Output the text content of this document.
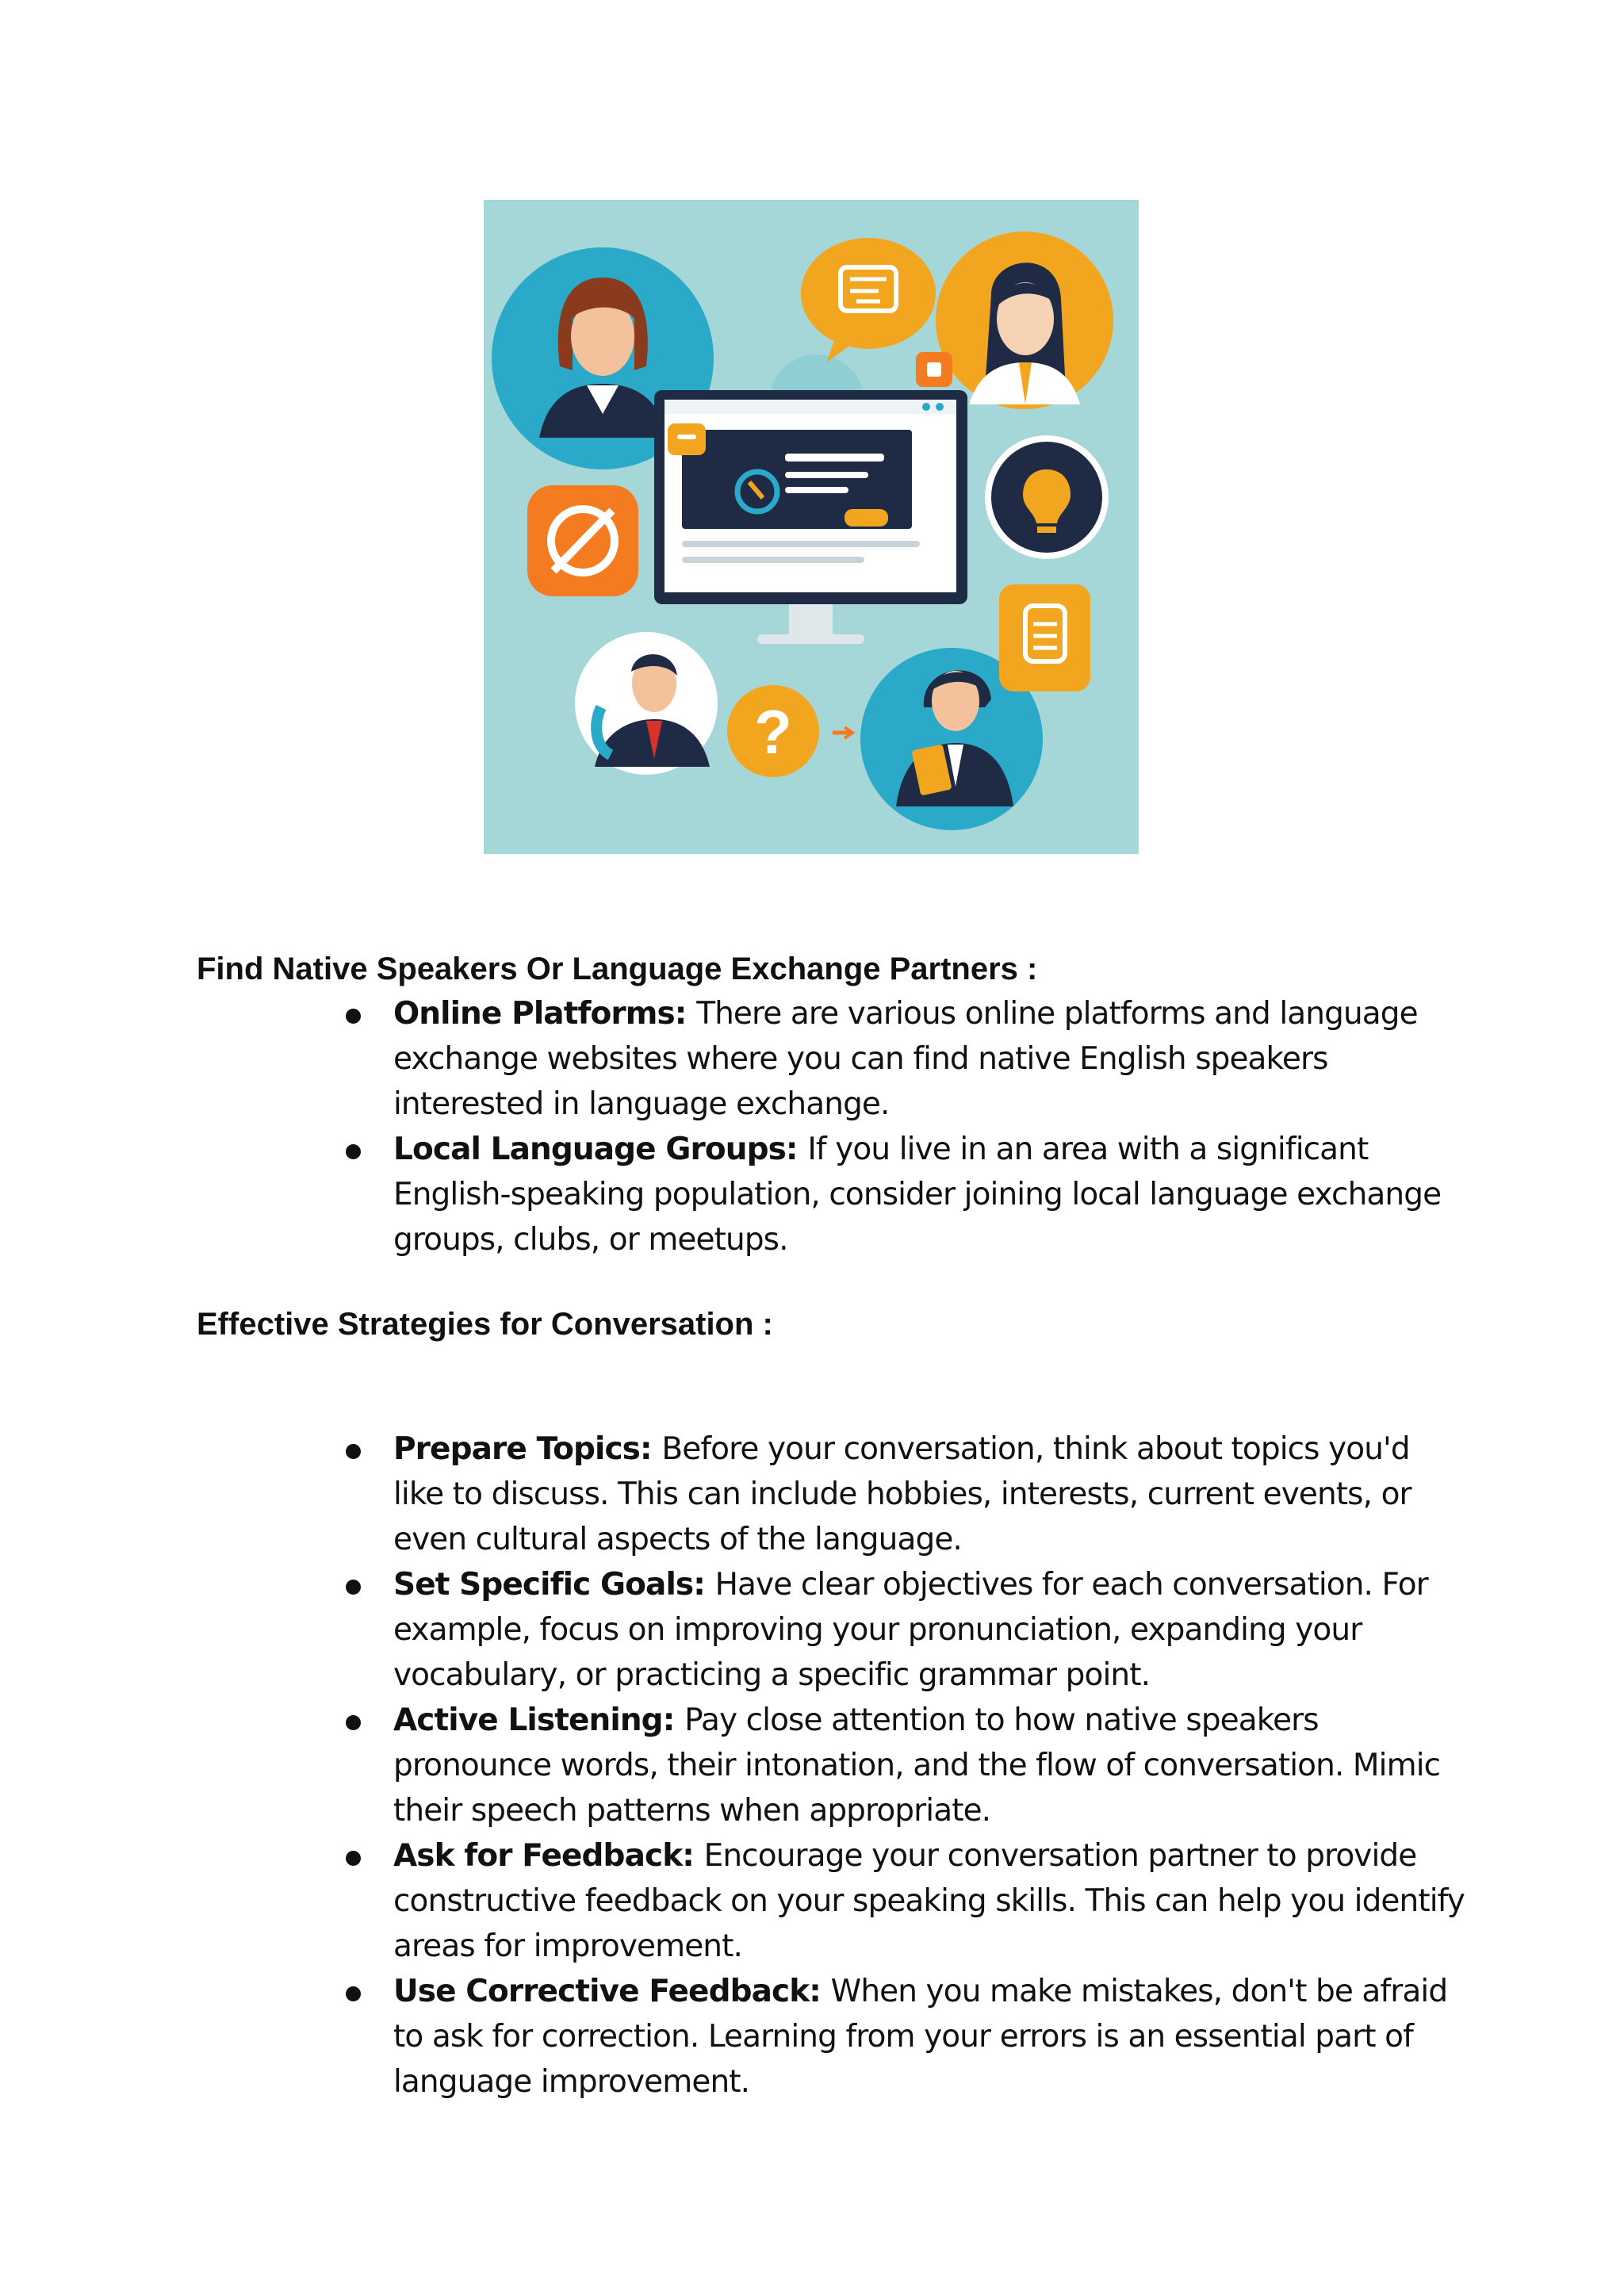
?
Find Native Speakers Or Language Exchange Partners :
Online Platforms: There are various online platforms and language exchange websites where you can find native English speakers interested in language exchange.
Local Language Groups: If you live in an area with a significant English-speaking population, consider joining local language exchange groups, clubs, or meetups.
Effective Strategies for Conversation :
Prepare Topics: Before your conversation, think about topics you'd like to discuss. This can include hobbies, interests, current events, or even cultural aspects of the language.
Set Specific Goals: Have clear objectives for each conversation. For example, focus on improving your pronunciation, expanding your vocabulary, or practicing a specific grammar point.
Active Listening: Pay close attention to how native speakers pronounce words, their intonation, and the flow of conversation. Mimic their speech patterns when appropriate.
Ask for Feedback: Encourage your conversation partner to provide constructive feedback on your speaking skills. This can help you identify areas for improvement.
Use Corrective Feedback: When you make mistakes, don't be afraid to ask for correction. Learning from your errors is an essential part of language improvement.
